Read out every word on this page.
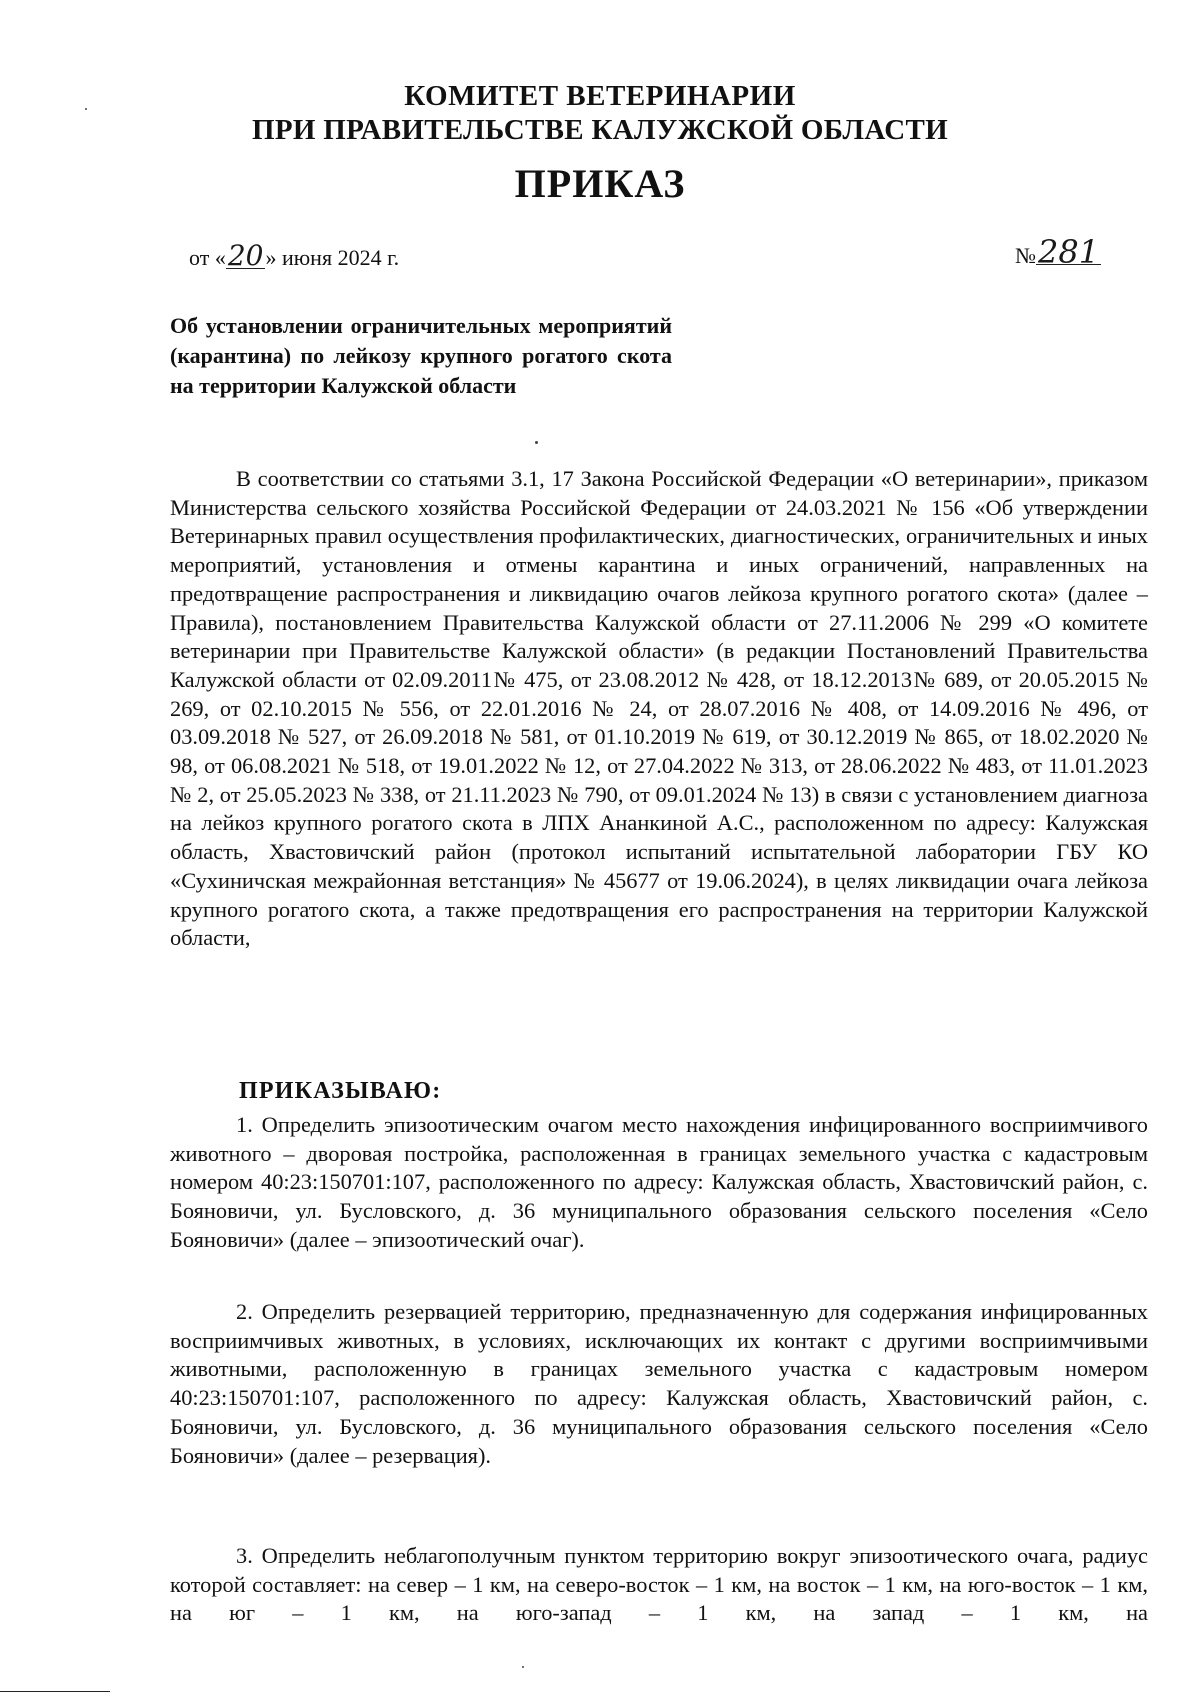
КОМИТЕТ ВЕТЕРИНАРИИ
ПРИ ПРАВИТЕЛЬСТВЕ КАЛУЖСКОЙ ОБЛАСТИ
ПРИКАЗ
от «20» июня 2024 г.	№281
Об установлении ограничительных мероприятий (карантина) по лейкозу крупного рогатого скота на территории Калужской области
В соответствии со статьями 3.1, 17 Закона Российской Федерации «О ветеринарии», приказом Министерства сельского хозяйства Российской Федерации от 24.03.2021 № 156 «Об утверждении Ветеринарных правил осуществления профилактических, диагностических, ограничительных и иных мероприятий, установления и отмены карантина и иных ограничений, направленных на предотвращение распространения и ликвидацию очагов лейкоза крупного рогатого скота» (далее – Правила), постановлением Правительства Калужской области от 27.11.2006 № 299 «О комитете ветеринарии при Правительстве Калужской области» (в редакции Постановлений Правительства Калужской области от 02.09.2011№ 475, от 23.08.2012 № 428, от 18.12.2013№ 689, от 20.05.2015 № 269, от 02.10.2015 № 556, от 22.01.2016 № 24, от 28.07.2016 № 408, от 14.09.2016 № 496, от 03.09.2018 № 527, от 26.09.2018 № 581, от 01.10.2019 № 619, от 30.12.2019 № 865, от 18.02.2020 № 98, от 06.08.2021 № 518, от 19.01.2022 № 12, от 27.04.2022 № 313, от 28.06.2022 № 483, от 11.01.2023 № 2, от 25.05.2023 № 338, от 21.11.2023 № 790, от 09.01.2024 № 13) в связи с установлением диагноза на лейкоз крупного рогатого скота в ЛПХ Ананкиной А.С., расположенном по адресу: Калужская область, Хвастовичский район (протокол испытаний испытательной лаборатории ГБУ КО «Сухиничская межрайонная ветстанция» № 45677 от 19.06.2024), в целях ликвидации очага лейкоза крупного рогатого скота, а также предотвращения его распространения на территории Калужской области,
ПРИКАЗЫВАЮ:
1. Определить эпизоотическим очагом место нахождения инфицированного восприимчивого животного – дворовая постройка, расположенная в границах земельного участка с кадастровым номером 40:23:150701:107, расположенного по адресу: Калужская область, Хвастовичский район, с. Бояновичи, ул. Бусловского, д. 36 муниципального образования сельского поселения «Село Бояновичи» (далее – эпизоотический очаг).
2. Определить резервацией территорию, предназначенную для содержания инфицированных восприимчивых животных, в условиях, исключающих их контакт с другими восприимчивыми животными, расположенную в границах земельного участка с кадастровым номером 40:23:150701:107, расположенного по адресу: Калужская область, Хвастовичский район, с. Бояновичи, ул. Бусловского, д. 36 муниципального образования сельского поселения «Село Бояновичи» (далее – резервация).
3. Определить неблагополучным пунктом территорию вокруг эпизоотического очага, радиус которой составляет: на север – 1 км, на северо-восток – 1 км, на восток – 1 км, на юго-восток – 1 км, на юг – 1 км, на юго-запад – 1 км, на запад – 1 км, на
